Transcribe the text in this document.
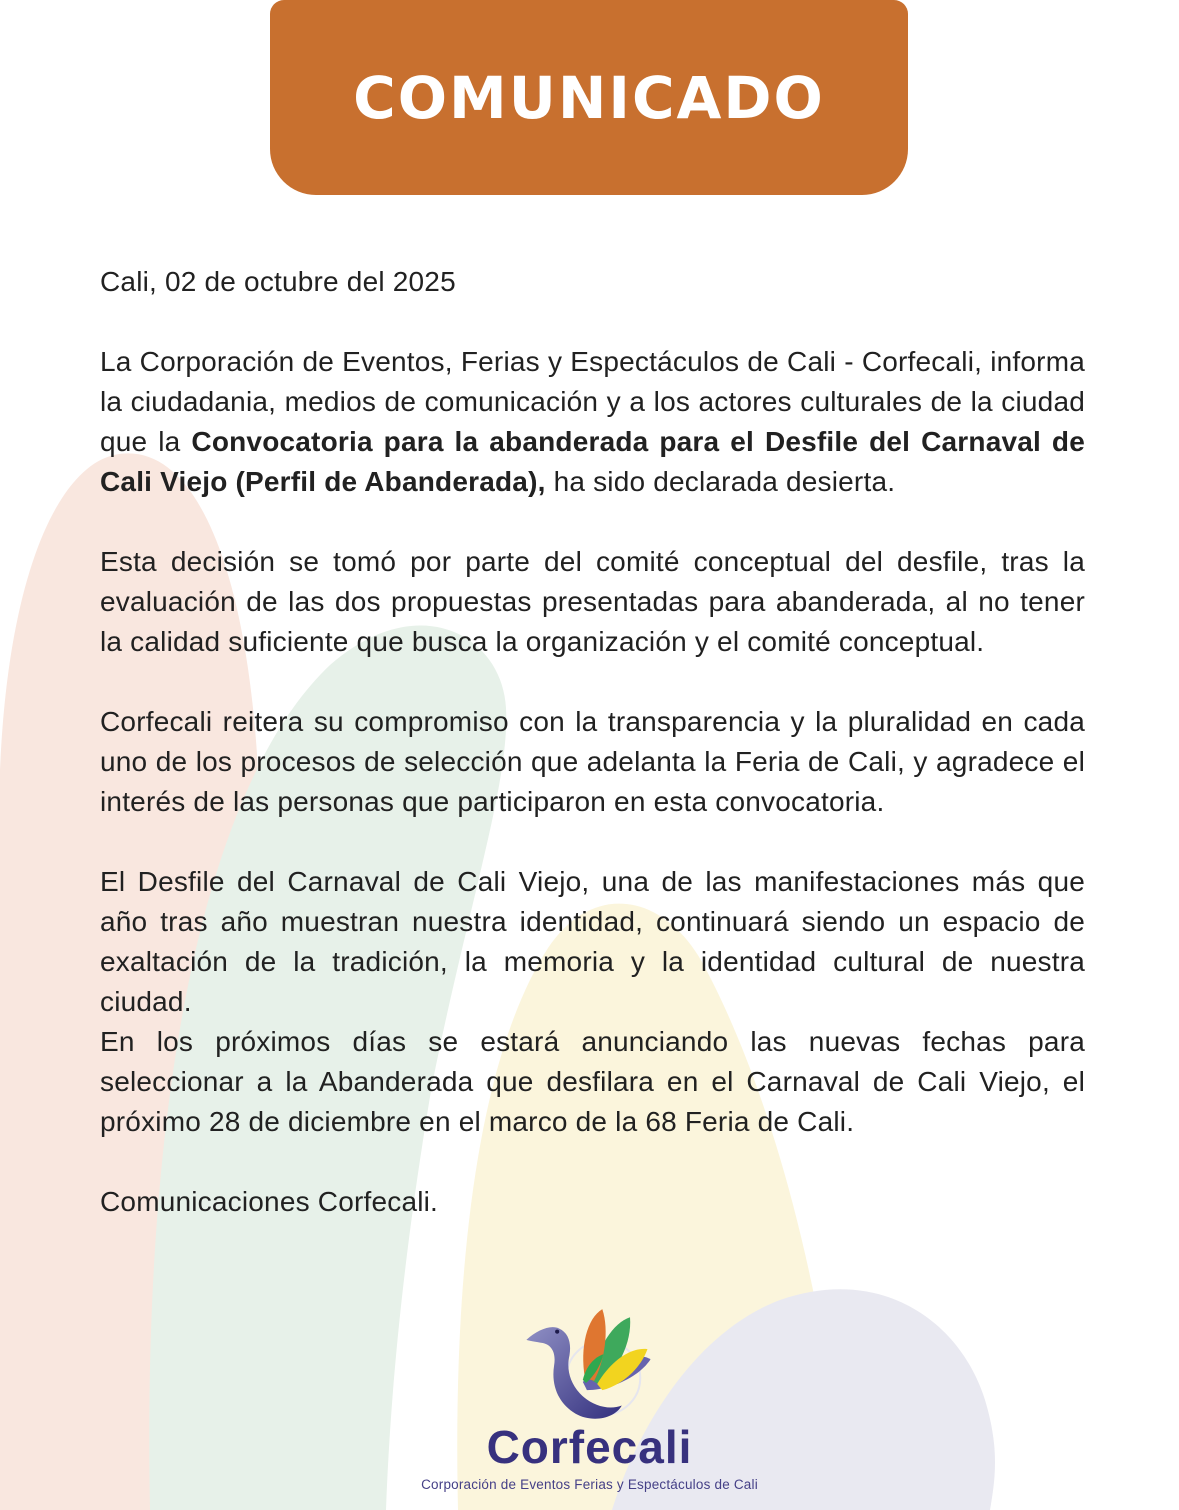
COMUNICADO

Cali, 02 de octubre del 2025

La Corporación de Eventos, Ferias y Espectáculos de Cali - Corfecali, informa la ciudadania, medios de comunicación y a los actores culturales de la ciudad que la Convocatoria para la abanderada para el Desfile del Carnaval de Cali Viejo (Perfil de Abanderada), ha sido declarada desierta.

Esta decisión se tomó por parte del comité conceptual del desfile, tras la evaluación de las dos propuestas presentadas para abanderada, al no tener la calidad suficiente que busca la organización y el comité conceptual.

Corfecali reitera su compromiso con la transparencia y la pluralidad en cada uno de los procesos de selección que adelanta la Feria de Cali, y agradece el interés de las personas que participaron en esta convocatoria.

El Desfile del Carnaval de Cali Viejo, una de las manifestaciones más que año tras año muestran nuestra identidad, continuará siendo un espacio de exaltación de la tradición, la memoria y la identidad cultural de nuestra ciudad.

En los próximos días se estará anunciando las nuevas fechas para seleccionar a la Abanderada que desfilara en el Carnaval de Cali Viejo, el próximo 28 de diciembre en el marco de la 68 Feria de Cali.

Comunicaciones Corfecali.

Corfecali
Corporación de Eventos Ferias y Espectáculos de Cali
